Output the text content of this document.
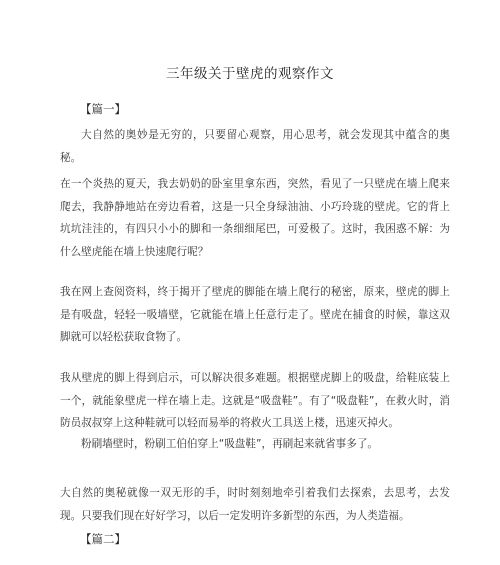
三年级关于壁虎的观察作文
【篇一】

大自然的奥妙是无穷的，只要留心观察，用心思考，就会发现其中蕴含的奥秘。

在一个炎热的夏天，我去奶奶的卧室里拿东西，突然，看见了一只壁虎在墙上爬来爬去，我静静地站在旁边看着，这是一只全身绿油油、小巧玲珑的壁虎。它的背上坑坑洼洼的，有四只小小的脚和一条细细尾巴，可爱极了。这时，我困惑不解：为什么壁虎能在墙上快速爬行呢？

我在网上查阅资料，终于揭开了壁虎的脚能在墙上爬行的秘密，原来，壁虎的脚上是有吸盘，轻轻一吸墙壁，它就能在墙上任意行走了。壁虎在捕食的时候，靠这双脚就可以轻松获取食物了。

我从壁虎的脚上得到启示，可以解决很多难题。根据壁虎脚上的吸盘，给鞋底装上一个，就能象壁虎一样在墙上走。这就是“吸盘鞋”。有了“吸盘鞋”，在救火时，消防员叔叔穿上这种鞋就可以轻而易举的将救火工具送上楼，迅速灭掉火。

粉刷墙壁时，粉刷工伯伯穿上“吸盘鞋”，再刷起来就省事多了。

大自然的奥秘就像一双无形的手，时时刻刻地牵引着我们去探索，去思考，去发现。只要我们现在好好学习，以后一定发明许多新型的东西，为人类造福。

【篇二】
